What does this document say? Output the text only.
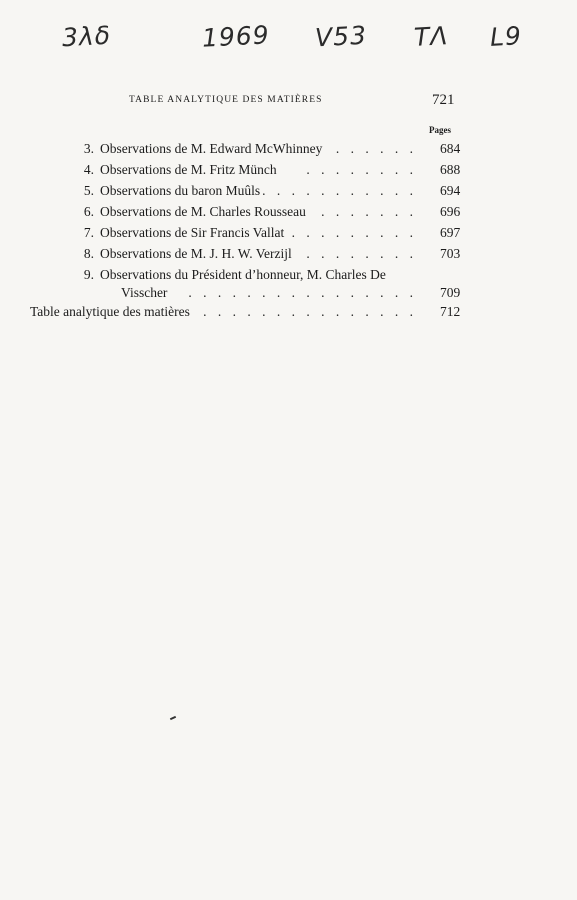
3λδ	1969 V53 TΛ L9
TABLE ANALYTIQUE DES MATIÈRES	721
Pages
3. Observations de M. Edward McWhinney . . . . . . 684
4. Observations de M. Fritz Münch . . . . . . . . 688
5. Observations du baron Muûls . . . . . . . . . . . 694
6. Observations de M. Charles Rousseau . . . . . . . 696
7. Observations de Sir Francis Vallat . . . . . . . . . 697
8. Observations de M. J. H. W. Verzijl . . . . . . . . 703
9. Observations du Président d’honneur, M. Charles De
Visscher . . . . . . . . . . . . . . . . 709
Table analytique des matières . . . . . . . . . . . . . . . 712
